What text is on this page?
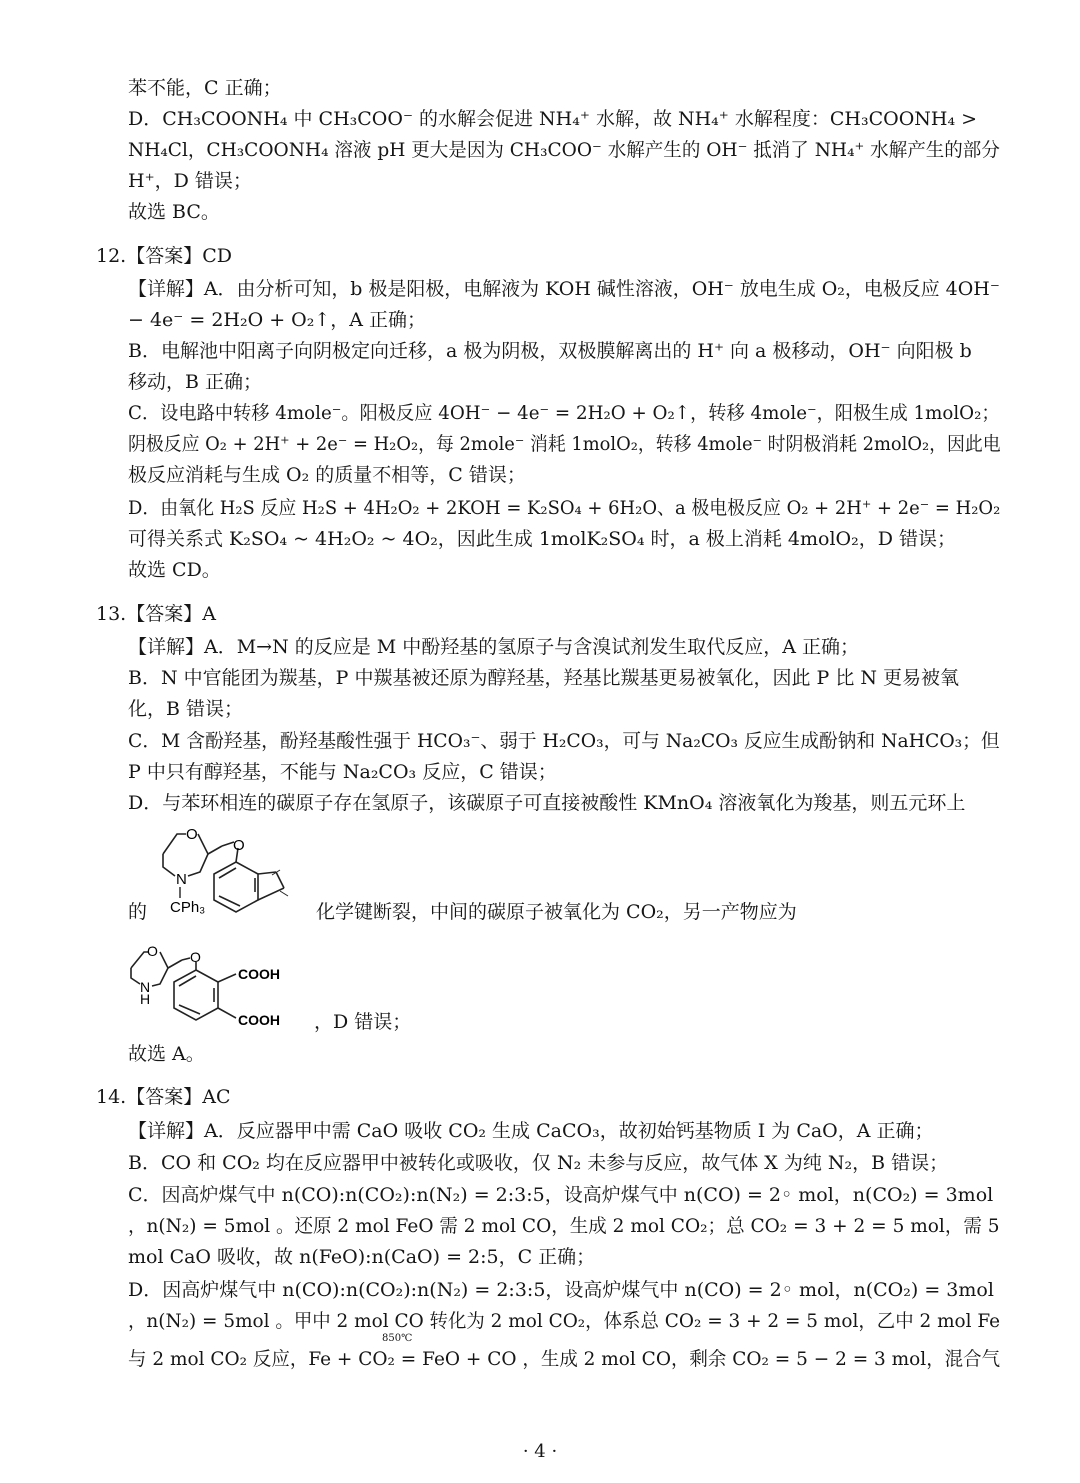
苯不能，C 正确；
D．CH₃COONH₄ 中 CH₃COO⁻ 的水解会促进 NH₄⁺ 水解，故 NH₄⁺ 水解程度：CH₃COONH₄ >
NH₄Cl，CH₃COONH₄ 溶液 pH 更大是因为 CH₃COO⁻ 水解产生的 OH⁻ 抵消了 NH₄⁺ 水解产生的部分
H⁺，D 错误；
故选 BC。
12.【答案】CD
【详解】A．由分析可知，b 极是阳极，电解液为 KOH 碱性溶液，OH⁻ 放电生成 O₂，电极反应 4OH⁻
− 4e⁻ = 2H₂O + O₂↑，A 正确；
B．电解池中阳离子向阴极定向迁移，a 极为阴极，双极膜解离出的 H⁺ 向 a 极移动，OH⁻ 向阳极 b
移动，B 正确；
C．设电路中转移 4mole⁻。阳极反应 4OH⁻ − 4e⁻ = 2H₂O + O₂↑，转移 4mole⁻，阳极生成 1molO₂；
阴极反应 O₂ + 2H⁺ + 2e⁻ = H₂O₂，每 2mole⁻ 消耗 1molO₂，转移 4mole⁻ 时阴极消耗 2molO₂，因此电
极反应消耗与生成 O₂ 的质量不相等，C 错误；
D．由氧化 H₂S 反应 H₂S + 4H₂O₂ + 2KOH = K₂SO₄ + 6H₂O、a 极电极反应 O₂ + 2H⁺ + 2e⁻ = H₂O₂
可得关系式 K₂SO₄ ~ 4H₂O₂ ~ 4O₂，因此生成 1molK₂SO₄ 时，a 极上消耗 4molO₂，D 错误；
故选 CD。
13.【答案】A
【详解】A．M→N 的反应是 M 中酚羟基的氢原子与含溴试剂发生取代反应，A 正确；
B．N 中官能团为羰基，P 中羰基被还原为醇羟基，羟基比羰基更易被氧化，因此 P 比 N 更易被氧
化，B 错误；
C．M 含酚羟基，酚羟基酸性强于 HCO₃⁻、弱于 H₂CO₃，可与 Na₂CO₃ 反应生成酚钠和 NaHCO₃；但
P 中只有醇羟基，不能与 Na₂CO₃ 反应，C 错误；
D．与苯环相连的碳原子存在氢原子，该碳原子可直接被酸性 KMnO₄ 溶液氧化为羧基，则五元环上
的
O
O
N
CPh₃	化学键断裂，中间的碳原子被氧化为 CO₂，另一产物应为
O O
N
H
COOH
COOH ，D 错误；
故选 A。
14.【答案】AC
【详解】A．反应器甲中需 CaO 吸收 CO₂ 生成 CaCO₃，故初始钙基物质 I 为 CaO，A 正确；
B．CO 和 CO₂ 均在反应器甲中被转化或吸收，仅 N₂ 未参与反应，故气体 X 为纯 N₂，B 错误；
C．因高炉煤气中 n(CO):n(CO₂):n(N₂) = 2:3:5，设高炉煤气中 n(CO) = 2◦ mol，n(CO₂) = 3mol
，n(N₂) = 5mol 。还原 2 mol FeO 需 2 mol CO，生成 2 mol CO₂；总 CO₂ = 3 + 2 = 5 mol，需 5
mol CaO 吸收，故 n(FeO):n(CaO) = 2:5，C 正确；
D．因高炉煤气中 n(CO):n(CO₂):n(N₂) = 2:3:5，设高炉煤气中 n(CO) = 2◦ mol，n(CO₂) = 3mol
，n(N₂) = 5mol 。甲中 2 mol CO 转化为 2 mol CO₂，体系总 CO₂ = 3 + 2 = 5 mol，乙中 2 mol Fe
850℃
与 2 mol CO₂ 反应，Fe + CO₂ = FeO + CO ，生成 2 mol CO，剩余 CO₂ = 5 − 2 = 3 mol，混合气
· 4 ·
